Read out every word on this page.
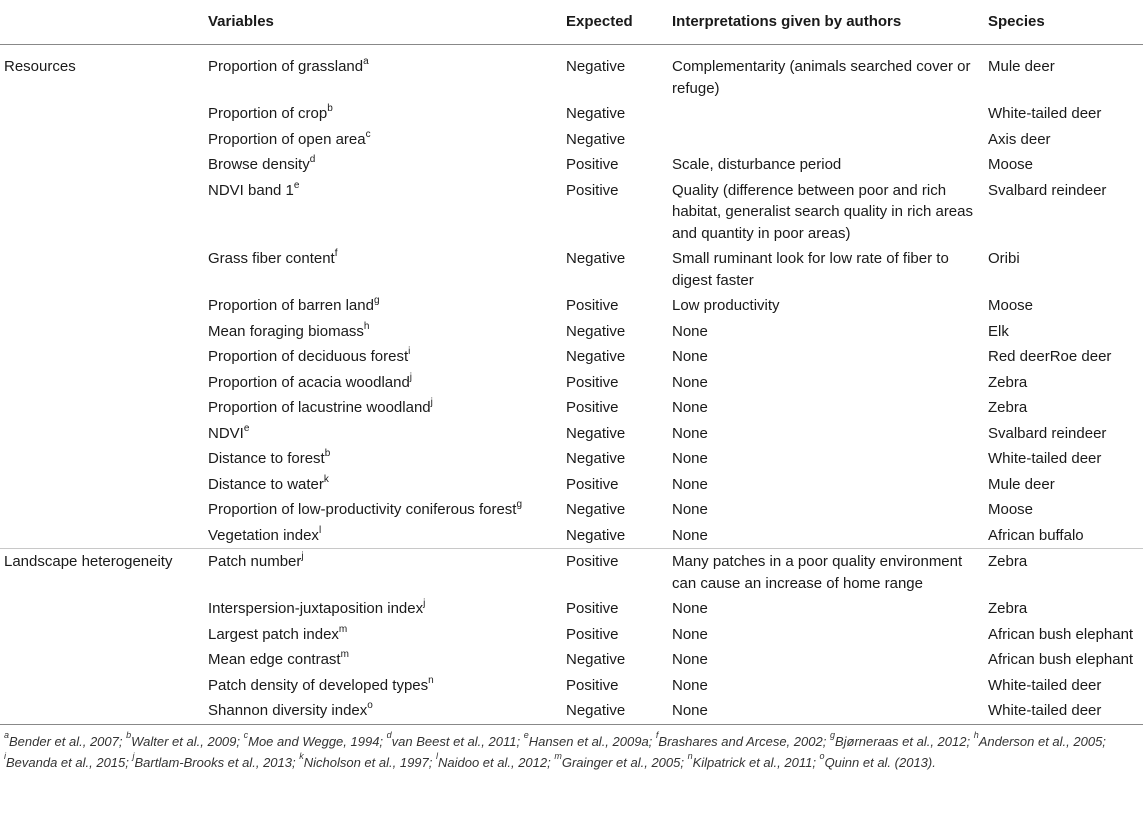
	Variables	Expected	Interpretations given by authors	Species
Resources	Proportion of grassland$^a$	Negative	Complementarity (animals searched cover or refuge)	Mule deer
	Proportion of crop$^b$	Negative		White-tailed deer
	Proportion of open area$^c$	Negative		Axis deer
	Browse density$^d$	Positive	Scale, disturbance period	Moose
	NDVI band 1e	Positive	Quality (difference between poor and rich habitat, generalist search quality in rich areas and quantity in poor areas)	Svalbard reindeer
	Grass fiber content$^f$	Negative	Small ruminant look for low rate of fiber to digest faster	Oribi
	Proportion of barren land$^g$	Positive	Low productivity	Moose
	Mean foraging biomass$^h$	Negative	None	Elk
	Proportion of deciduous forest$^i$	Negative	None	Red deerRoe deer
	Proportion of acacia woodland$^j$	Positive	None	Zebra
	Proportion of lacustrine woodland$^j$	Positive	None	Zebra
	NDVI$^e$	Negative	None	Svalbard reindeer
	Distance to forest$^b$	Negative	None	White-tailed deer
	Distance to water$^k$	Positive	None	Mule deer
	Proportion of low-productivity coniferous forest$^g$	Negative	None	Moose
	Vegetation index$^l$	Negative	None	African buffalo
Landscape heterogeneity	Patch number$^j$	Positive	Many patches in a poor quality environment can cause an increase of home range	Zebra
	Interspersion-juxtaposition index$^j$	Positive	None	Zebra
	Largest patch index$^m$	Positive	None	African bush elephant
	Mean edge contrast$^m$	Negative	None	African bush elephant
	Patch density of developed types$^n$	Positive	None	White-tailed deer
	Shannon diversity index$^o$	Negative	None	White-tailed deer
$^a$Bender et al., 2007; $^b$Walter et al., 2009; $^c$Moe and Wegge, 1994; $^d$van Beest et al., 2011; $^e$Hansen et al., 2009a; $^f$Brashares and Arcese, 2002; $^g$Bjørneraas et al., 2012; $^h$Anderson et al., 2005; $^i$Bevanda et al., 2015; $^j$Bartlam-Brooks et al., 2013; $^k$Nicholson et al., 1997; $^l$Naidoo et al., 2012; $^m$Grainger et al., 2005; $^n$Kilpatrick et al., 2011; $^o$Quinn et al. (2013).
